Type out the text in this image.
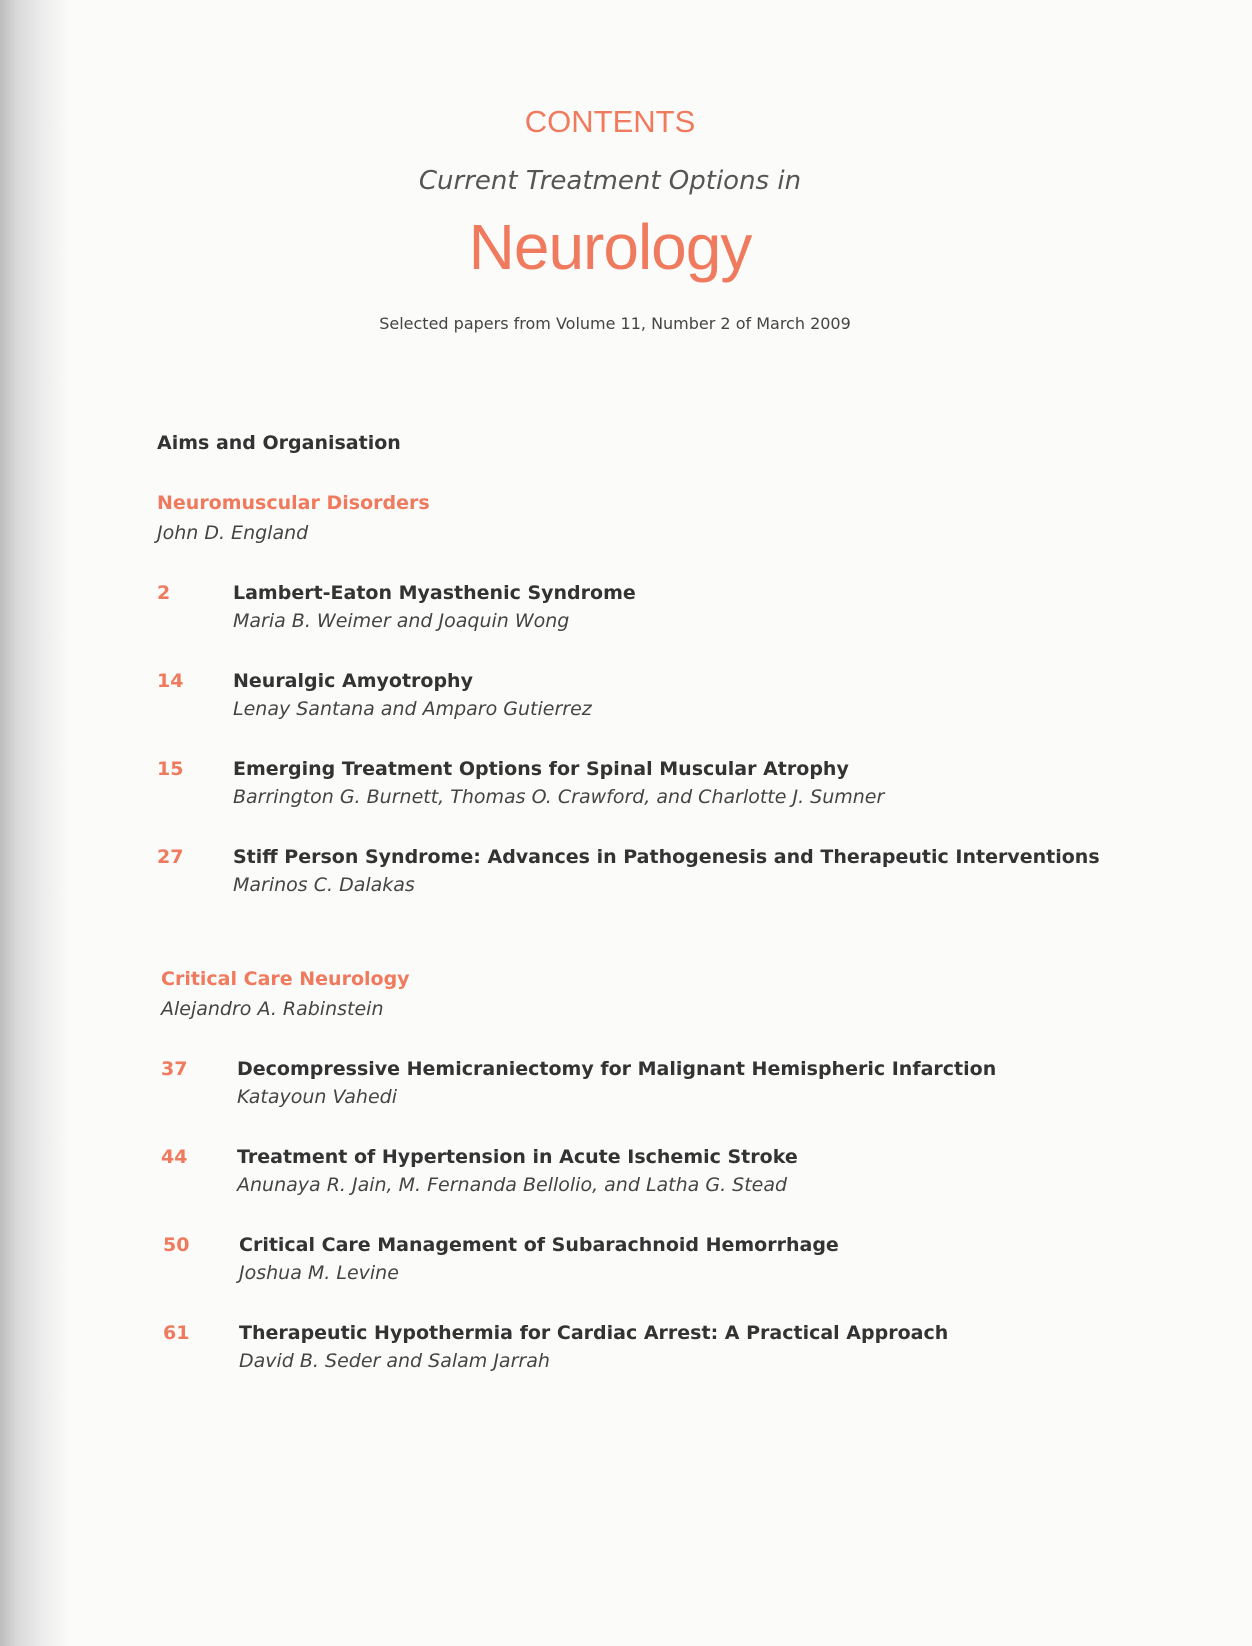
CONTENTS
Current Treatment Options in
Neurology
Selected papers from Volume 11, Number 2 of March 2009
Aims and Organisation
Neuromuscular Disorders
John D. England
2	Lambert-Eaton Myasthenic Syndrome
Maria B. Weimer and Joaquin Wong
14	Neuralgic Amyotrophy
Lenay Santana and Amparo Gutierrez
15	Emerging Treatment Options for Spinal Muscular Atrophy
Barrington G. Burnett, Thomas O. Crawford, and Charlotte J. Sumner
27	Stiff Person Syndrome: Advances in Pathogenesis and Therapeutic Interventions
Marinos C. Dalakas
Critical Care Neurology
Alejandro A. Rabinstein
37	Decompressive Hemicraniectomy for Malignant Hemispheric Infarction
Katayoun Vahedi
44	Treatment of Hypertension in Acute Ischemic Stroke
Anunaya R. Jain, M. Fernanda Bellolio, and Latha G. Stead
50	Critical Care Management of Subarachnoid Hemorrhage
Joshua M. Levine
61	Therapeutic Hypothermia for Cardiac Arrest: A Practical Approach
David B. Seder and Salam Jarrah
